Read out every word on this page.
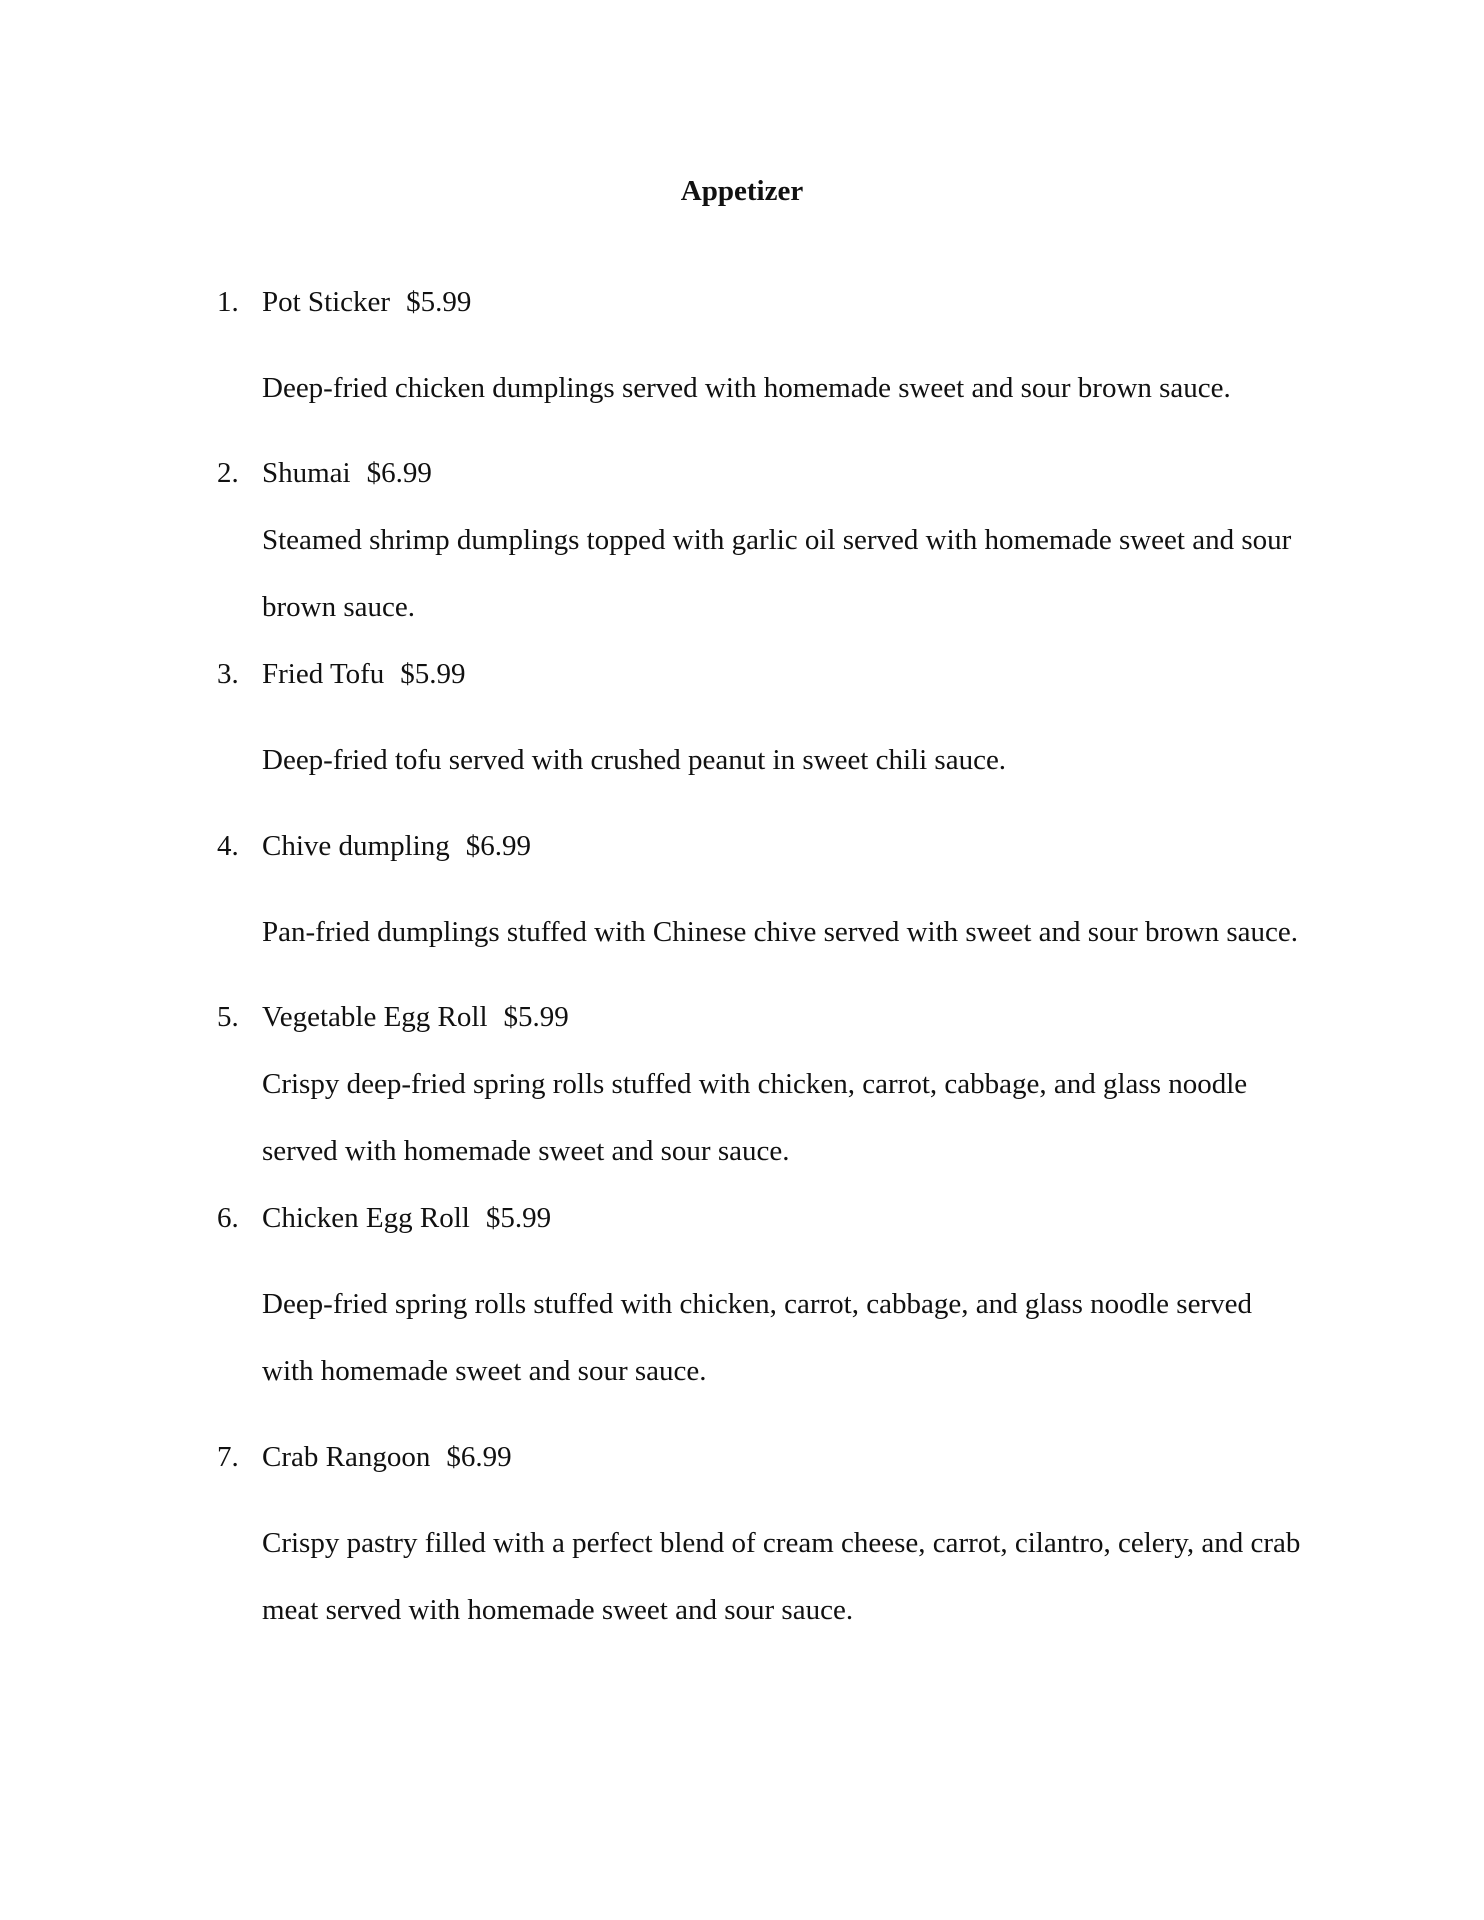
Appetizer
1. Pot Sticker $5.99
Deep-fried chicken dumplings served with homemade sweet and sour brown sauce.
2. Shumai $6.99
Steamed shrimp dumplings topped with garlic oil served with homemade sweet and sour
brown sauce.
3. Fried Tofu $5.99
Deep-fried tofu served with crushed peanut in sweet chili sauce.
4. Chive dumpling $6.99
Pan-fried dumplings stuffed with Chinese chive served with sweet and sour brown sauce.
5. Vegetable Egg Roll $5.99
Crispy deep-fried spring rolls stuffed with chicken, carrot, cabbage, and glass noodle
served with homemade sweet and sour sauce.
6. Chicken Egg Roll $5.99
Deep-fried spring rolls stuffed with chicken, carrot, cabbage, and glass noodle served
with homemade sweet and sour sauce.
7. Crab Rangoon $6.99
Crispy pastry filled with a perfect blend of cream cheese, carrot, cilantro, celery, and crab
meat served with homemade sweet and sour sauce.
